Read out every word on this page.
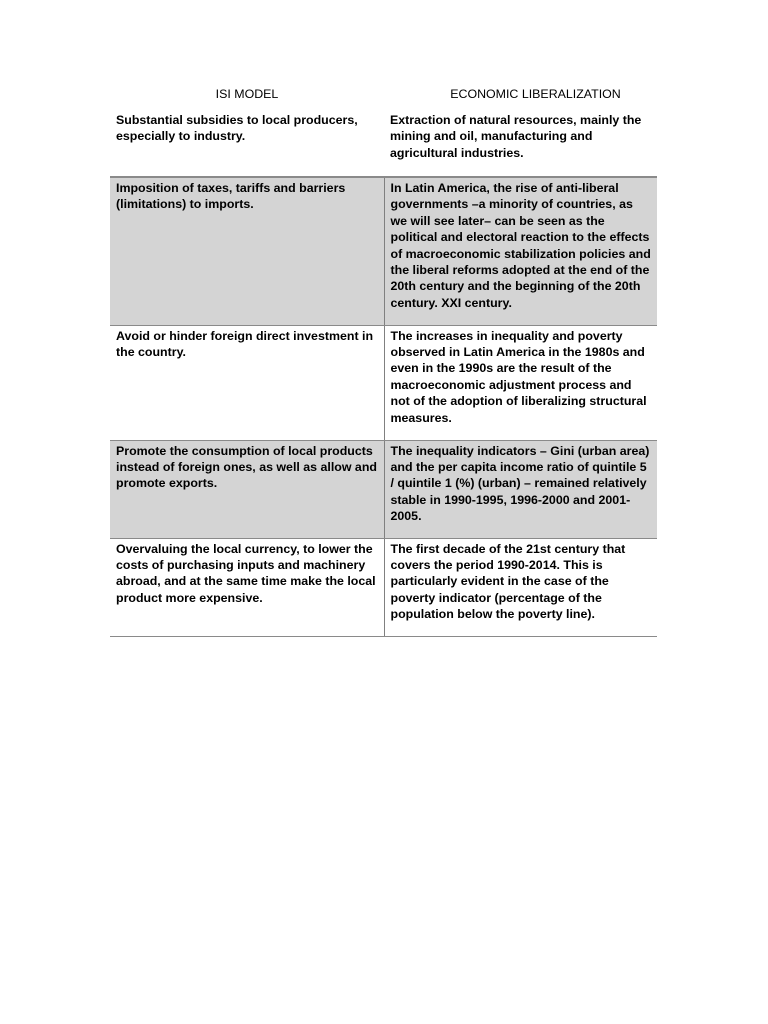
ISI MODEL	ECONOMIC LIBERALIZATION
Substantial subsidies to local producers, especially to industry.	Extraction of natural resources, mainly the mining and oil, manufacturing and agricultural industries.
Imposition of taxes, tariffs and barriers (limitations) to imports.	In Latin America, the rise of anti-liberal governments –a minority of countries, as we will see later– can be seen as the political and electoral reaction to the effects of macroeconomic stabilization policies and the liberal reforms adopted at the end of the 20th century and the beginning of the 20th century. XXI century.
Avoid or hinder foreign direct investment in the country.	The increases in inequality and poverty observed in Latin America in the 1980s and even in the 1990s are the result of the macroeconomic adjustment process and not of the adoption of liberalizing structural measures.
Promote the consumption of local products instead of foreign ones, as well as allow and promote exports.	The inequality indicators – Gini (urban area) and the per capita income ratio of quintile 5 / quintile 1 (%) (urban) – remained relatively stable in 1990-1995, 1996-2000 and 2001-2005.
Overvaluing the local currency, to lower the costs of purchasing inputs and machinery abroad, and at the same time make the local product more expensive.	The first decade of the 21st century that covers the period 1990-2014. This is particularly evident in the case of the poverty indicator (percentage of the population below the poverty line).
